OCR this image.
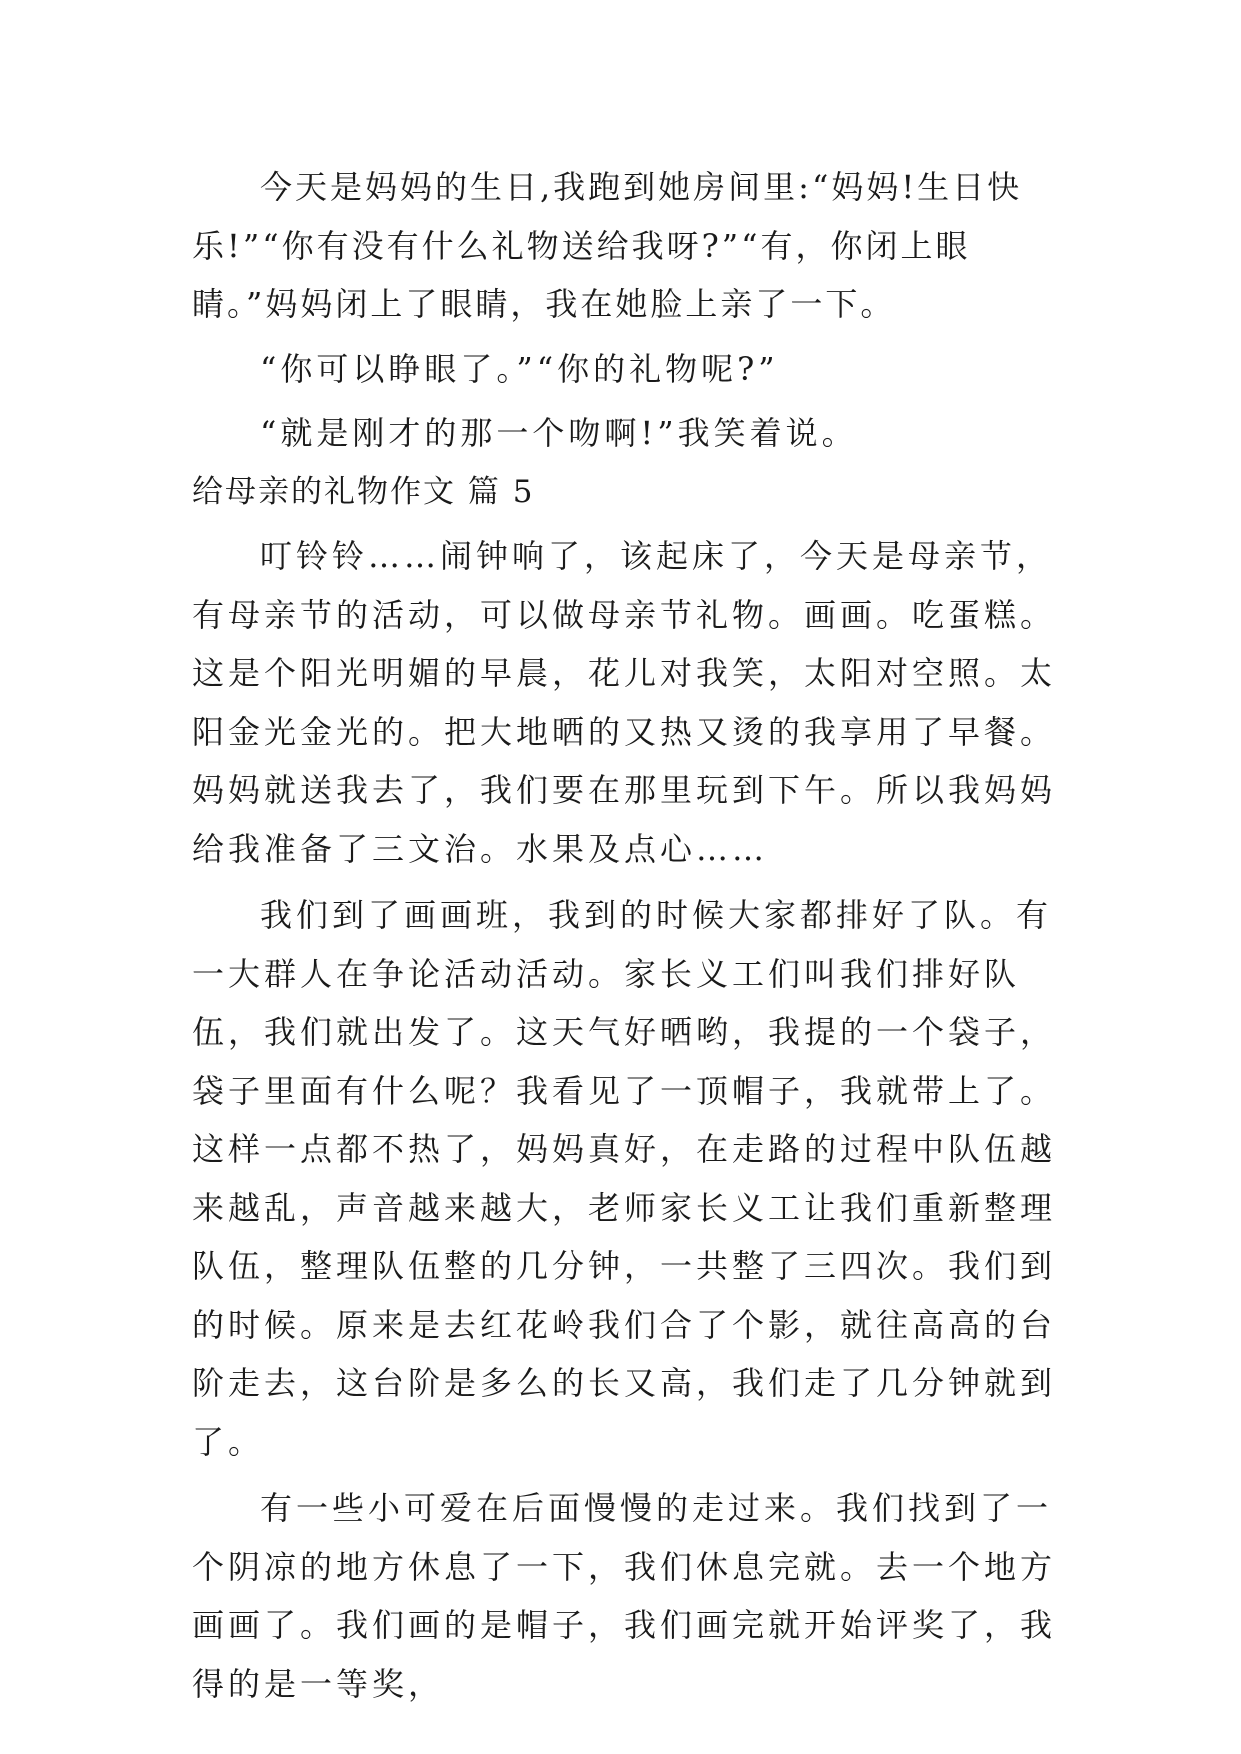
今天是妈妈的生日,我跑到她房间里:“妈妈!生日快乐!”“你有没有什么礼物送给我呀?”“有，你闭上眼睛。”妈妈闭上了眼睛，我在她脸上亲了一下。

“你可以睁眼了。”“你的礼物呢?”

“就是刚才的那一个吻啊!”我笑着说。

给母亲的礼物作文 篇 5

叮铃铃……闹钟响了，该起床了，今天是母亲节，有母亲节的活动，可以做母亲节礼物。画画。吃蛋糕。这是个阳光明媚的早晨，花儿对我笑，太阳对空照。太阳金光金光的。把大地晒的又热又烫的我享用了早餐。妈妈就送我去了，我们要在那里玩到下午。所以我妈妈给我准备了三文治。水果及点心……

我们到了画画班，我到的时候大家都排好了队。有一大群人在争论活动活动。家长义工们叫我们排好队伍，我们就出发了。这天气好晒哟，我提的一个袋子，袋子里面有什么呢？我看见了一顶帽子，我就带上了。这样一点都不热了，妈妈真好，在走路的过程中队伍越来越乱，声音越来越大，老师家长义工让我们重新整理队伍，整理队伍整的几分钟，一共整了三四次。我们到的时候。原来是去红花岭我们合了个影，就往高高的台阶走去，这台阶是多么的长又高，我们走了几分钟就到了。

有一些小可爱在后面慢慢的走过来。我们找到了一个阴凉的地方休息了一下，我们休息完就。去一个地方画画了。我们画的是帽子，我们画完就开始评奖了，我得的是一等奖，
